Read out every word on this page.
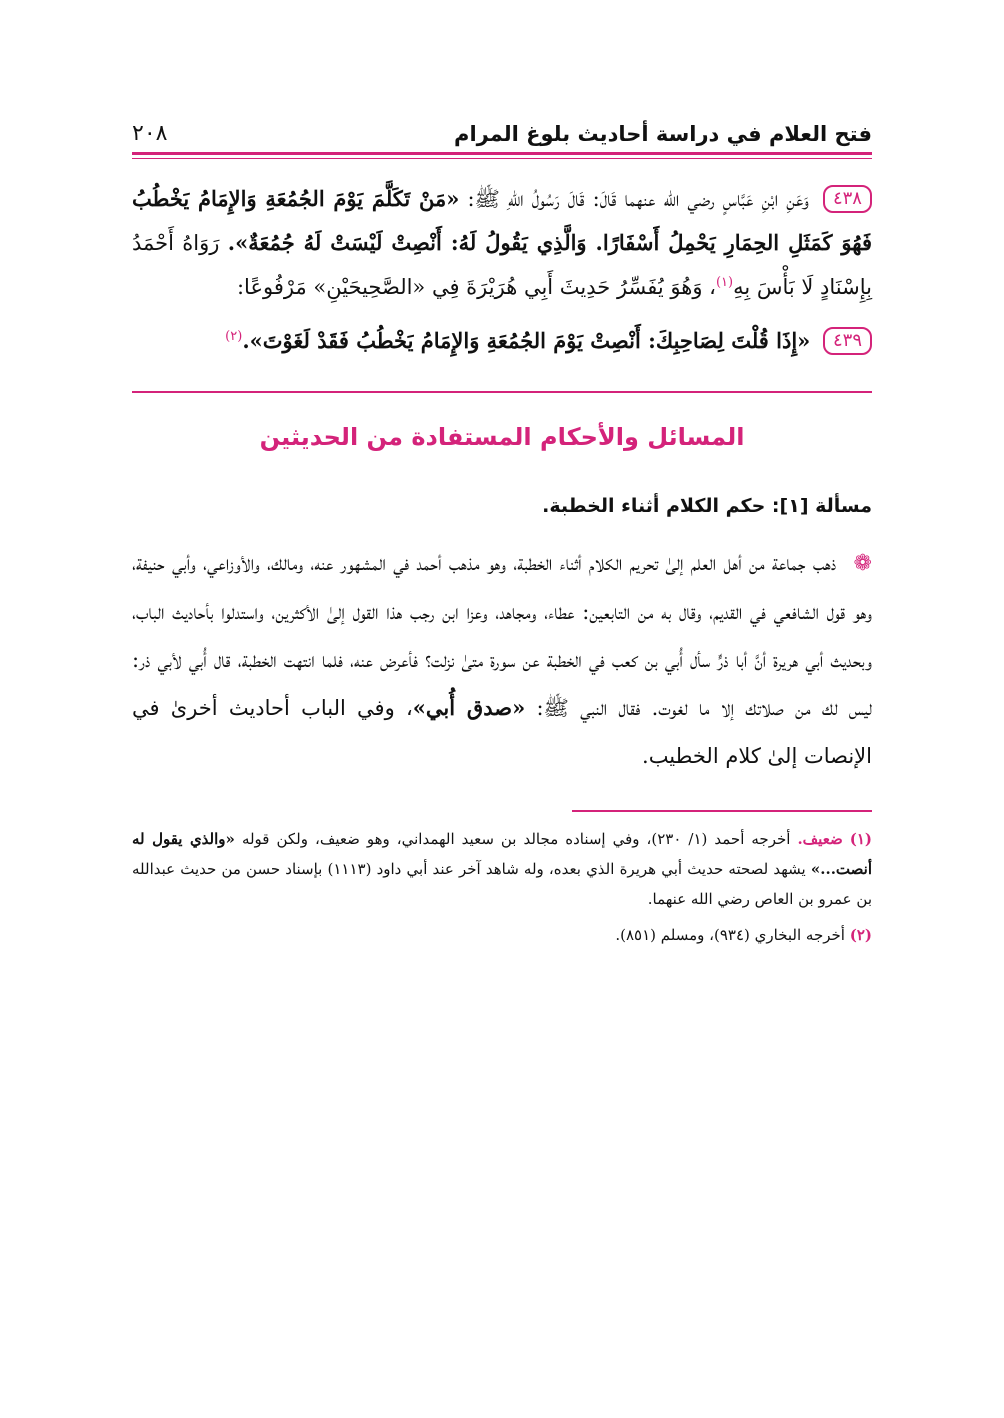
فتح العلام في دراسة أحاديث بلوغ المرام
٢٠٨
٤٣٨ وَعَنِ ابْنِ عَبَّاسٍ رضي الله عنهما قَالَ: قَالَ رَسُولُ اللهِ ﷺ: «مَنْ تَكَلَّمَ يَوْمَ الجُمُعَةِ وَالإِمَامُ يَخْطُبُ فَهُوَ كَمَثَلِ الحِمَارِ يَحْمِلُ أَسْفَارًا. وَالَّذِي يَقُولُ لَهُ: أَنْصِتْ لَيْسَتْ لَهُ جُمُعَةٌ». رَوَاهُ أَحْمَدُ بِإِسْنَادٍ لَا بَأْسَ بِهِ$^{(١)}$، وَهُوَ يُفَسِّرُ حَدِيثَ أَبِي هُرَيْرَةَ فِي «الصَّحِيحَيْنِ» مَرْفُوعًا:
٤٣٩ «إِذَا قُلْتَ لِصَاحِبِكَ: أَنْصِتْ يَوْمَ الجُمُعَةِ وَالإِمَامُ يَخْطُبُ فَقَدْ لَغَوْتَ».$^{(٢)}$
المسائل والأحكام المستفادة من الحديثين
مسألة [١]: حكم الكلام أثناء الخطبة.
❁ ذهب جماعة من أهل العلم إلىٰ تحريم الكلام أثناء الخطبة، وهو مذهب أحمد في المشهور عنه، ومالك، والأوزاعي، وأبي حنيفة، وهو قول الشافعي في القديم، وقال به من التابعين: عطاء، ومجاهد، وعزا ابن رجب هذا القول إلىٰ الأكثرين، واستدلوا بأحاديث الباب، وبحديث أبي هريرة أنَّ أبا ذرٍّ سأل أُبي بن كعب في الخطبة عن سورة متىٰ نزلت؟ فأعرض عنه، فلما انتهت الخطبة، قال أُبي لأبي ذر: ليس لك من صلاتك إلا ما لغوت. فقال النبي ﷺ: «صدق أُبي»، وفي الباب أحاديث أخرىٰ في الإنصات إلىٰ كلام الخطيب.
(١) ضعيف. أخرجه أحمد (١/ ٢٣٠)، وفي إسناده مجالد بن سعيد الهمداني، وهو ضعيف، ولكن قوله «والذي يقول له أنصت...» يشهد لصحته حديث أبي هريرة الذي بعده، وله شاهد آخر عند أبي داود (١١١٣) بإسناد حسن من حديث عبدالله بن عمرو بن العاص رضي الله عنهما.
(٢) أخرجه البخاري (٩٣٤)، ومسلم (٨٥١).
